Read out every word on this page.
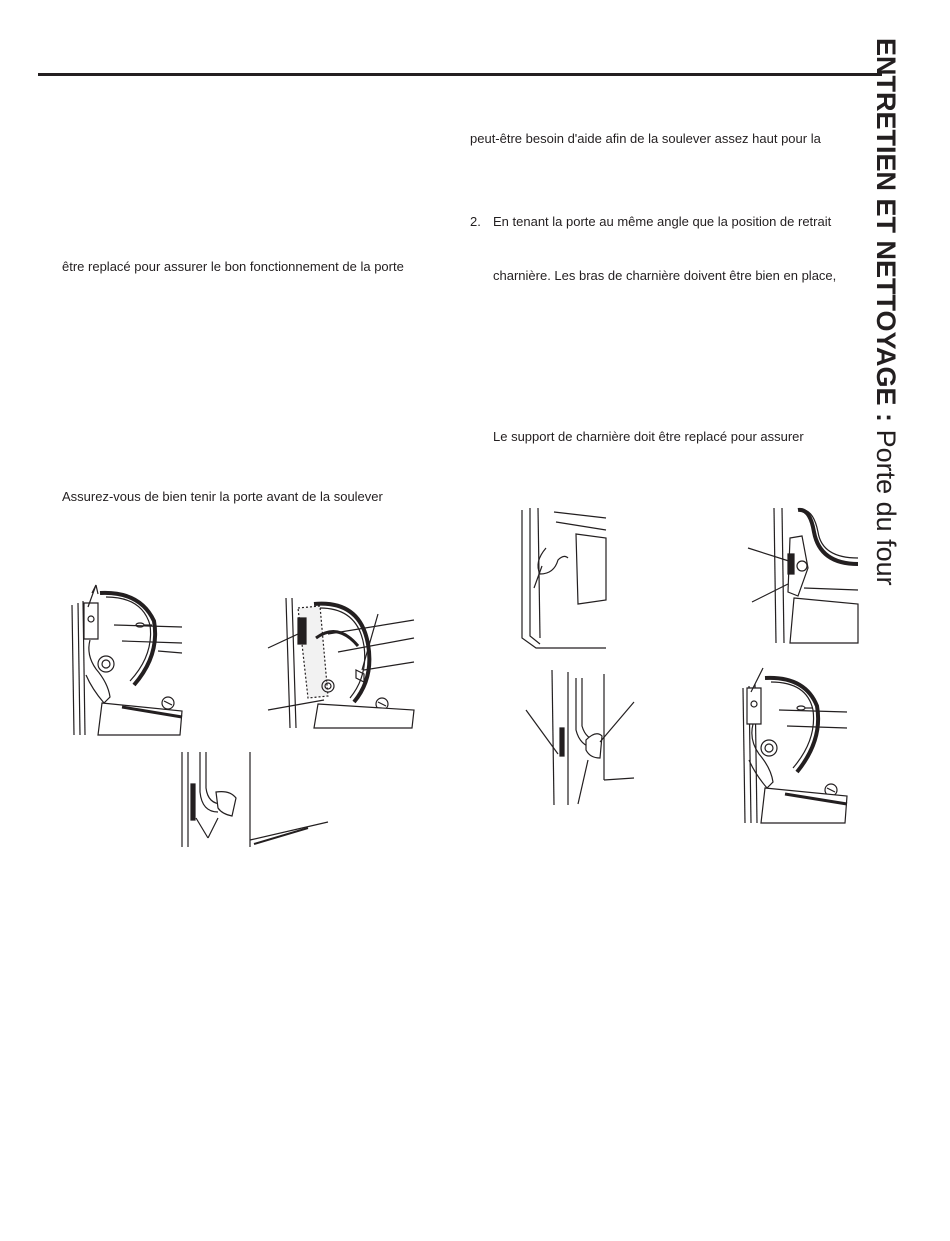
ENTRETIEN ET NETTOYAGE : Porte du four
être replacé pour assurer le bon fonctionnement de la porte
Assurez-vous de bien tenir la porte avant de la soulever
peut-être besoin d'aide afin de la soulever assez haut pour la
2. En tenant la porte au même angle que la position de retrait
charnière. Les bras de charnière doivent être bien en place,
Le support de charnière doit être replacé pour assurer
